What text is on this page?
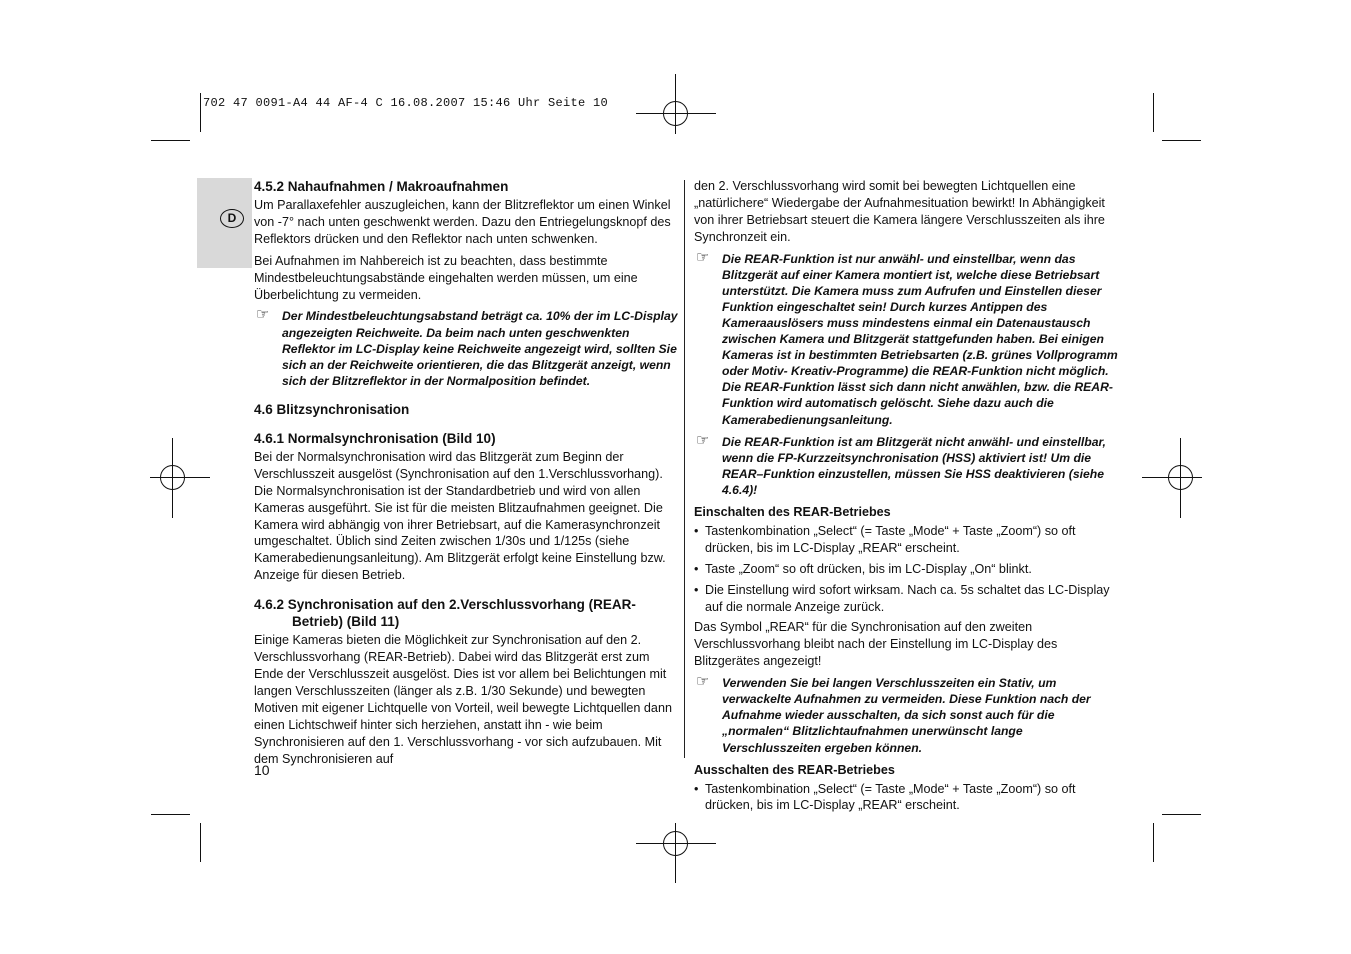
702 47 0091-A4 44 AF-4 C 16.08.2007 15:46 Uhr Seite 10
D
4.5.2 Nahaufnahmen / Makroaufnahmen
Um Parallaxefehler auszugleichen, kann der Blitzreflektor um einen Winkel von -7° nach unten geschwenkt werden. Dazu den Entriegelungsknopf des Reflektors drücken und den Reflektor nach unten schwenken.
Bei Aufnahmen im Nahbereich ist zu beachten, dass bestimmte Mindestbeleuchtungsabstände eingehalten werden müssen, um eine Überbelichtung zu vermeiden.
☞ Der Mindestbeleuchtungsabstand beträgt ca. 10% der im LC-Display angezeigten Reichweite. Da beim nach unten geschwenkten Reflektor im LC-Display keine Reichweite angezeigt wird, sollten Sie sich an der Reichweite orientieren, die das Blitzgerät anzeigt, wenn sich der Blitzreflektor in der Normalposition befindet.
4.6 Blitzsynchronisation
4.6.1 Normalsynchronisation (Bild 10)
Bei der Normalsynchronisation wird das Blitzgerät zum Beginn der Verschlusszeit ausgelöst (Synchronisation auf den 1.Verschlussvorhang). Die Normalsynchronisation ist der Standardbetrieb und wird von allen Kameras ausgeführt. Sie ist für die meisten Blitzaufnahmen geeignet. Die Kamera wird abhängig von ihrer Betriebsart, auf die Kamerasynchronzeit umgeschaltet. Üblich sind Zeiten zwischen 1/30s und 1/125s (siehe Kamerabedienungsanleitung). Am Blitzgerät erfolgt keine Einstellung bzw. Anzeige für diesen Betrieb.
4.6.2 Synchronisation auf den 2.Verschlussvorhang (REAR-Betrieb) (Bild 11)
Einige Kameras bieten die Möglichkeit zur Synchronisation auf den 2. Verschlussvorhang (REAR-Betrieb). Dabei wird das Blitzgerät erst zum Ende der Verschlusszeit ausgelöst. Dies ist vor allem bei Belichtungen mit langen Verschlusszeiten (länger als z.B. 1/30 Sekunde) und bewegten Motiven mit eigener Lichtquelle von Vorteil, weil bewegte Lichtquellen dann einen Lichtschweif hinter sich herziehen, anstatt ihn - wie beim Synchronisieren auf den 1. Verschlussvorhang - vor sich aufzubauen. Mit dem Synchronisieren auf
den 2. Verschlussvorhang wird somit bei bewegten Lichtquellen eine „natürlichere“ Wiedergabe der Aufnahmesituation bewirkt! In Abhängigkeit von ihrer Betriebsart steuert die Kamera längere Verschlusszeiten als ihre Synchronzeit ein.
☞ Die REAR-Funktion ist nur anwähl- und einstellbar, wenn das Blitzgerät auf einer Kamera montiert ist, welche diese Betriebsart unterstützt. Die Kamera muss zum Aufrufen und Einstellen dieser Funktion eingeschaltet sein! Durch kurzes Antippen des Kameraauslösers muss mindestens einmal ein Datenaustausch zwischen Kamera und Blitzgerät stattgefunden haben. Bei einigen Kameras ist in bestimmten Betriebsarten (z.B. grünes Vollprogramm oder Motiv- Kreativ-Programme) die REAR-Funktion nicht möglich. Die REAR-Funktion lässt sich dann nicht anwählen, bzw. die REAR-Funktion wird automatisch gelöscht. Siehe dazu auch die Kamerabedienungsanleitung.
☞ Die REAR-Funktion ist am Blitzgerät nicht anwähl- und einstellbar, wenn die FP-Kurzzeitsynchronisation (HSS) aktiviert ist! Um die REAR–Funktion einzustellen, müssen Sie HSS deaktivieren (siehe 4.6.4)!
Einschalten des REAR-Betriebes
• Tastenkombination „Select“ (= Taste „Mode“ + Taste „Zoom“) so oft drücken, bis im LC-Display „REAR“ erscheint.
• Taste „Zoom“ so oft drücken, bis im LC-Display „On“ blinkt.
• Die Einstellung wird sofort wirksam. Nach ca. 5s schaltet das LC-Display auf die normale Anzeige zurück.
Das Symbol „REAR“ für die Synchronisation auf den zweiten Verschlussvorhang bleibt nach der Einstellung im LC-Display des Blitzgerätes angezeigt!
☞ Verwenden Sie bei langen Verschlusszeiten ein Stativ, um verwackelte Aufnahmen zu vermeiden. Diese Funktion nach der Aufnahme wieder ausschalten, da sich sonst auch für die „normalen“ Blitzlichtaufnahmen unerwünscht lange Verschlusszeiten ergeben können.
Ausschalten des REAR-Betriebes
• Tastenkombination „Select“ (= Taste „Mode“ + Taste „Zoom“) so oft drücken, bis im LC-Display „REAR“ erscheint.
10
